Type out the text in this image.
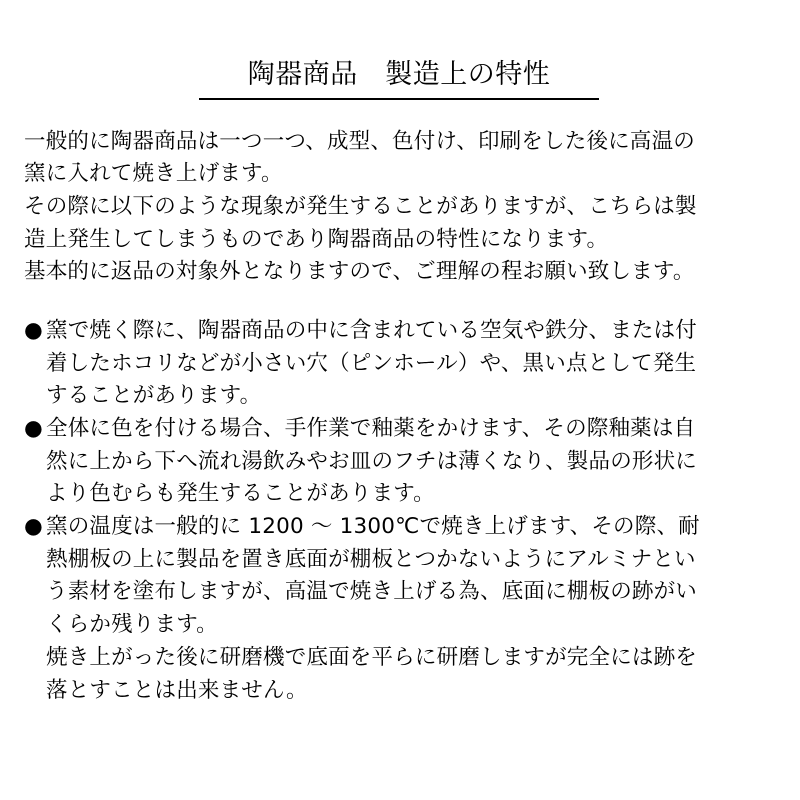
陶器商品　製造上の特性

一般的に陶器商品は一つ一つ、成型、色付け、印刷をした後に高温の

窯に入れて焼き上げます。

その際に以下のような現象が発生することがありますが、こちらは製

造上発生してしまうものであり陶器商品の特性になります。

基本的に返品の対象外となりますので、ご理解の程お願い致します。

● 窯で焼く際に、陶器商品の中に含まれている空気や鉄分、または付
着したホコリなどが小さい穴（ピンホール）や、黒い点として発生
することがあります。
● 全体に色を付ける場合、手作業で釉薬をかけます、その際釉薬は自
然に上から下へ流れ湯飲みやお皿のフチは薄くなり、製品の形状に
より色むらも発生することがあります。
● 窯の温度は一般的に 1200 ～ 1300℃で焼き上げます、その際、耐
熱棚板の上に製品を置き底面が棚板とつかないようにアルミナとい
う素材を塗布しますが、高温で焼き上げる為、底面に棚板の跡がい
くらか残ります。
焼き上がった後に研磨機で底面を平らに研磨しますが完全には跡を
落とすことは出来ません。
